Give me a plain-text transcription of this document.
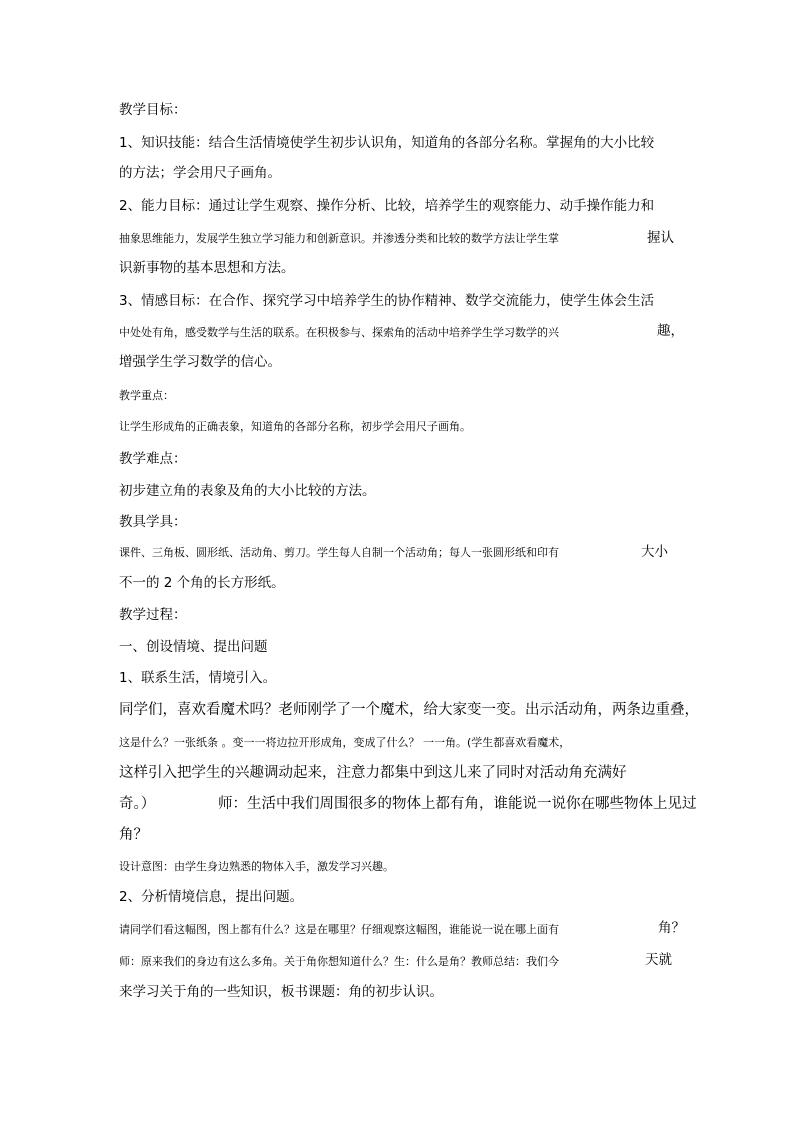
教学目标：
1、知识技能：结合生活情境使学生初步认识角，知道角的各部分名称。掌握角的大小比较
的方法；学会用尺子画角。
2、能力目标：通过让学生观察、操作分析、比较，培养学生的观察能力、动手操作能力和
抽象思维能力，发展学生独立学习能力和创新意识。并渗透分类和比较的数学方法让学生掌	握认
识新事物的基本思想和方法。
3、情感目标：在合作、探究学习中培养学生的协作精神、数学交流能力，使学生体会生活
中处处有角，感受数学与生活的联系。在积极参与、探索角的活动中培养学生学习数学的兴	趣，
增强学生学习数学的信心。
教学重点：
让学生形成角的正确表象，知道角的各部分名称，初步学会用尺子画角。
教学难点：
初步建立角的表象及角的大小比较的方法。
教具学具：
课件、三角板、圆形纸、活动角、剪刀。学生每人自制一个活动角；每人一张圆形纸和印有	大小
不一的 2 个角的长方形纸。
教学过程：
一、创设情境、提出问题
1、联系生活，情境引入。
同学们，喜欢看魔术吗？老师刚学了一个魔术，给大家变一变。出示活动角，两条边重叠，
这是什么？一张纸条 。变一一将边拉开形成角，变成了什么？ 一一角。(学生都喜欢看魔术，
这样引入把学生的兴趣调动起来，注意力都集中到这儿来了同时对活动角充满好
奇。）	师：生活中我们周围很多的物体上都有角，谁能说一说你在哪些物体上见过
角？
设计意图：由学生身边熟悉的物体入手，激发学习兴趣。
2、分析情境信息，提出问题。
请同学们看这幅图，图上都有什么？这是在哪里？仔细观察这幅图，谁能说一说在哪上面有	角？
师：原来我们的身边有这么多角。关于角你想知道什么？生：什么是角？教师总结：我们今	天就
来学习关于角的一些知识，板书课题：角的初步认识。
